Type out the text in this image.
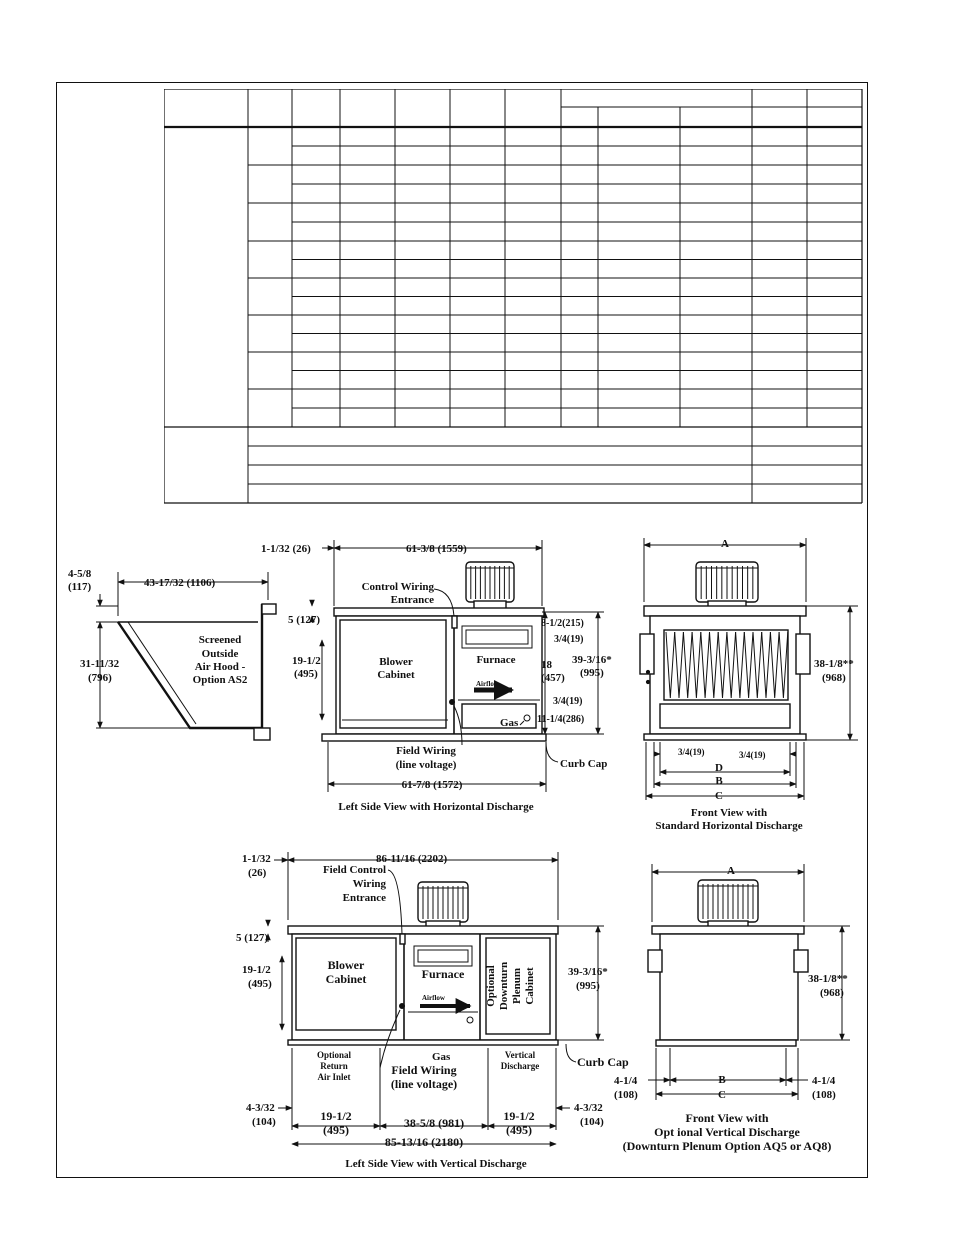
43-17/32 (1106)
4-5/8
(117)
31-11/32
(796)
Screened
Outside
Air Hood -
Option AS2
1-1/32 (26)	61-3/8 (1559)
Control Wiring
Entrance
5 (127)
19-1/2
(495)
Blower
Cabinet
Furnace
Airflow
Gas
Field Wiring
(line voltage)	Curb Cap
61-7/8 (1572)
8-1/2(215)
3/4(19)
18
(457)
3/4(19)
11-1/4(286)
39-3/16*
(995)
Left Side View with Horizontal Discharge
A
38-1/8**
(968)
3/4(19)	3/4(19)
D
B
C
Front View with
Standard Horizontal Discharge
1-1/32
(26)
86-11/16 (2202)
Field Control
Wiring
Entrance
5 (127)
19-1/2
(495)
Blower
Cabinet	Furnace
Airflow	Optional Downturn Plenum Cabinet	39-3/16*
(995)
Optional
Return
Air Inlet
Gas
Field Wiring
(line voltage)
Vertical
Discharge	Curb Cap
4-3/32
(104)
4-3/32
(104)
19-1/2
(495)	38-5/8 (981)	19-1/2
(495)
85-13/16 (2180)
Left Side View with Vertical Discharge
A
38-1/8**
(968)
B
C
4-1/4
(108)
4-1/4
(108)
Front View with
Opt ional Vertical Discharge
(Downturn Plenum Option AQ5 or AQ8)
